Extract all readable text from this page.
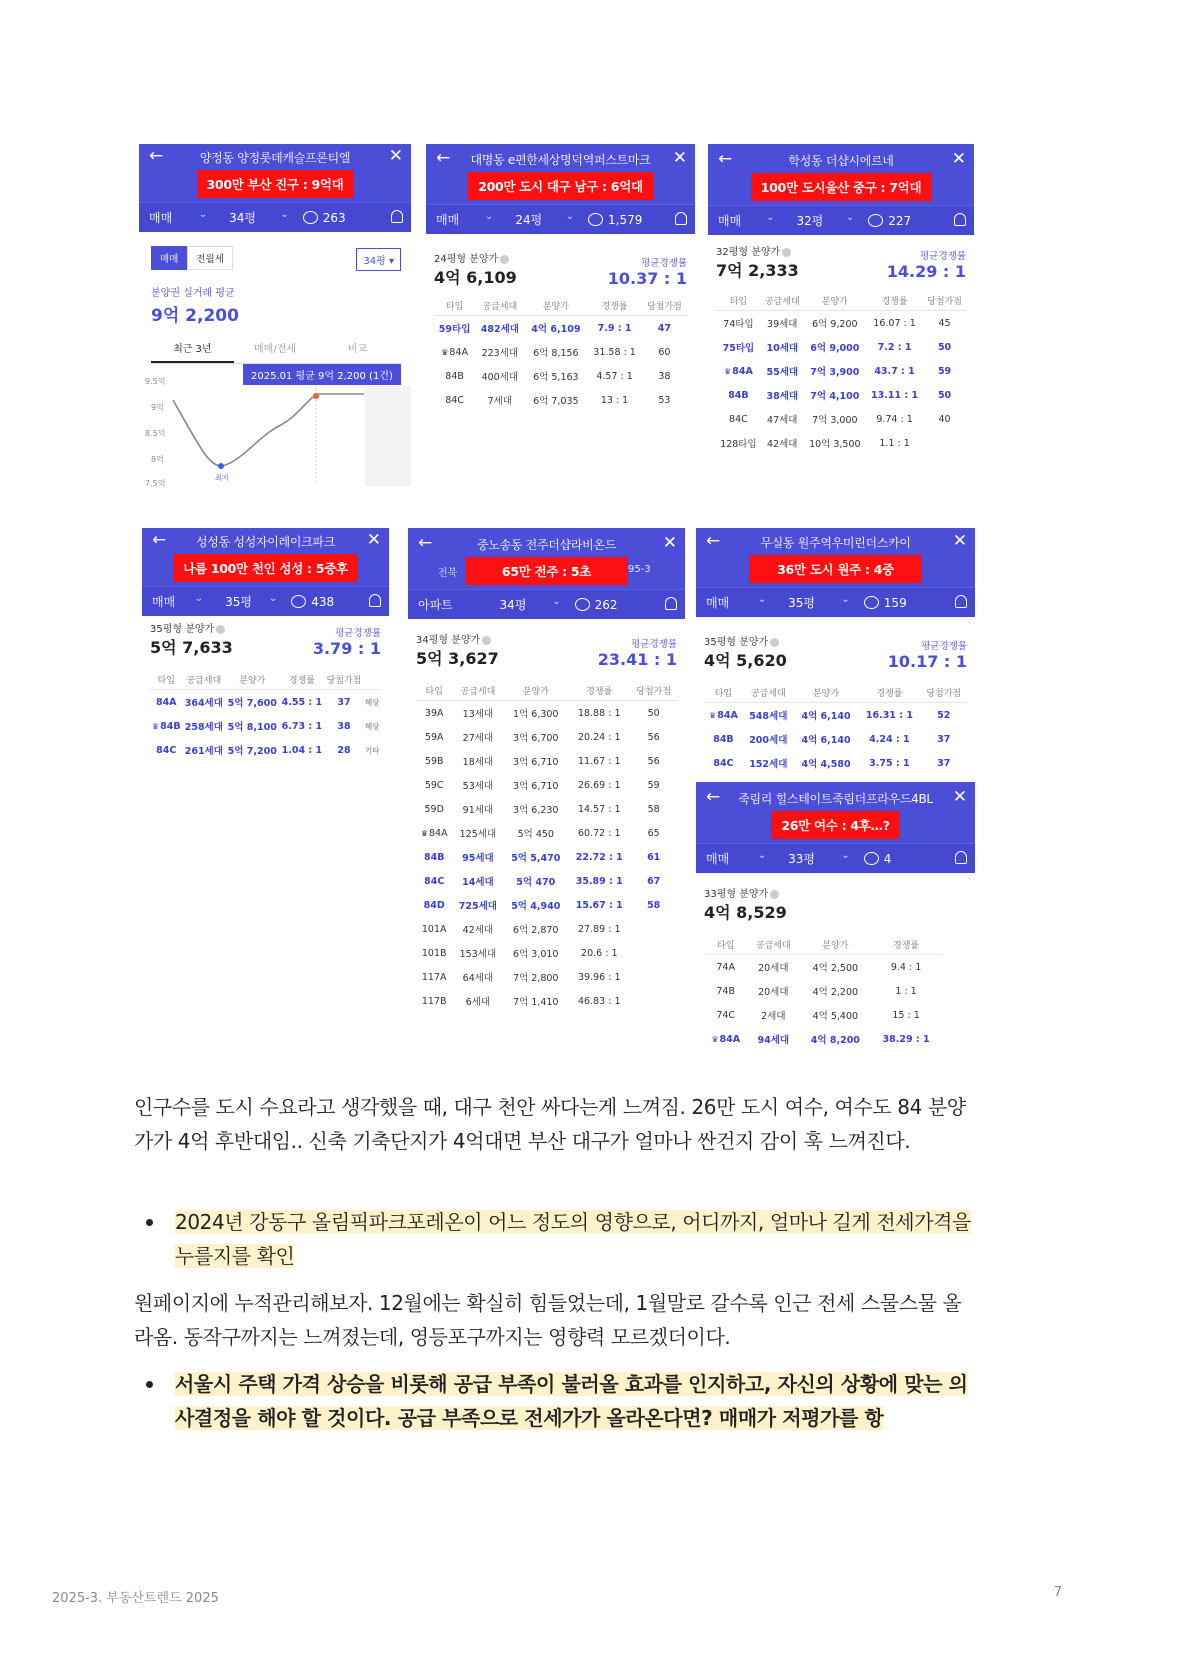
←	양정동 양정롯데캐슬프론티엘 ✕
300만 부산 진구 : 9억대
매매	⌄	34평 ⌄	263
매매	전월세
분양권 실거래 평균
9억 2,200
최근 3년	매매/전세	비교
34평 ▾
9.5억
9억
8.5억
8억
7.5억
최저
2025.01 평균 9억 2,200 (1건)
← 대명동 e편한세상명덕역퍼스트마크 ✕
200만 도시 대구 남구 : 6억대
매매	⌄	24평 ⌄	1,579
24평형 분양가
4억 6,109
평균경쟁률
10.37 : 1
타입	공급세대	분양가	경쟁률	당첨가점
59타입	482세대	4억 6,109	7.9 : 1	47
♛84A	223세대	6억 8,156	31.58 : 1	60
84B	400세대	6억 5,163	4.57 : 1	38
84C	7세대	6억 7,035	13 : 1	53
←	학성동 더샵시에르네	✕
100만 도시울산 중구 : 7억대
매매 ⌄	32평 ⌄	227
32평형 분양가
7억 2,333
평균경쟁률
14.29 : 1
타입	공급세대	분양가	경쟁률	당첨가점
74타입	39세대	6억 9,200	16.07 : 1	45
75타입	10세대	6억 9,000	7.2 : 1	50
♛84A	55세대	7억 3,900	43.7 : 1	59
84B	38세대	7억 4,100	13.11 : 1	50
84C	47세대	7억 3,000	9.74 : 1	40
128타입	42세대	10억 3,500	1.1 : 1	
← 성성동 성성자이레이크파크 ✕
나름 100만 천인 성성 : 5중후
매매 ⌄	35평 ⌄	438
35평형 분양가
5억 7,633
평균경쟁률
3.79 : 1
타입	공급세대	분양가	경쟁률	당첨가점	
84A	364세대	5억 7,600	4.55 : 1	37	해당
♛84B	258세대	5억 8,100	6.73 : 1	38	해당
84C	261세대	5억 7,200	1.04 : 1	28	기타
←	중노송동 전주더샵라비온드	✕
전북	65만 전주 : 5초	95-3
아파트	34평	⌄	262
34평형 분양가
5억 3,627
평균경쟁률
23.41 : 1
타입	공급세대	분양가	경쟁률	당첨가점
39A	13세대	1억 6,300	18.88 : 1	50
59A	27세대	3억 6,700	20.24 : 1	56
59B	18세대	3억 6,710	11.67 : 1	56
59C	53세대	3억 6,710	26.69 : 1	59
59D	91세대	3억 6,230	14.57 : 1	58
♛84A	125세대	5억 450	60.72 : 1	65
84B	95세대	5억 5,470	22.72 : 1	61
84C	14세대	5억 470	35.89 : 1	67
84D	725세대	5억 4,940	15.67 : 1	58
101A	42세대	6억 2,870	27.89 : 1	
101B	153세대	6억 3,010	20.6 : 1	
117A	64세대	7억 2,800	39.96 : 1	
117B	6세대	7억 1,410	46.83 : 1	
←	무실동 원주역우미린더스카이 ✕
36만 도시 원주 : 4중
매매	⌄	35평	⌄	159
35평형 분양가
4억 5,620
평균경쟁률
10.17 : 1
타입	공급세대	분양가	경쟁률	당첨가점
♛84A	548세대	4억 6,140	16.31 : 1	52
84B	200세대	4억 6,140	4.24 : 1	37
84C	152세대	4억 4,580	3.75 : 1	37
← 죽림리 힐스테이트죽림더프라우드4BL ✕
26만 여수 : 4후…?
매매	⌄	33평	⌄	4
33평형 분양가
4억 8,529
타입	공급세대	분양가	경쟁률
74A	20세대	4억 2,500	9.4 : 1
74B	20세대	4억 2,200	1 : 1
74C	2세대	4억 5,400	15 : 1
♛84A	94세대	4억 8,200	38.29 : 1
인구수를 도시 수요라고 생각했을 때, 대구 천안 싸다는게 느껴짐. 26만 도시 여수, 여수도 84 분양가가 4억 후반대임.. 신축 기축단지가 4억대면 부산 대구가 얼마나 싼건지 감이 훅 느껴진다.
2024년 강동구 올림픽파크포레온이 어느 정도의 영향으로, 어디까지, 얼마나 길게 전세가격을 누를지를 확인
원페이지에 누적관리해보자. 12월에는 확실히 힘들었는데, 1월말로 갈수록 인근 전세 스물스물 올라옴. 동작구까지는 느껴졌는데, 영등포구까지는 영향력 모르겠더이다.
서울시 주택 가격 상승을 비롯해 공급 부족이 불러올 효과를 인지하고, 자신의 상황에 맞는 의사결정을 해야 할 것이다. 공급 부족으로 전세가가 올라온다면? 매매가 저평가를 항
2025-3. 부동산트렌드 2025	7
